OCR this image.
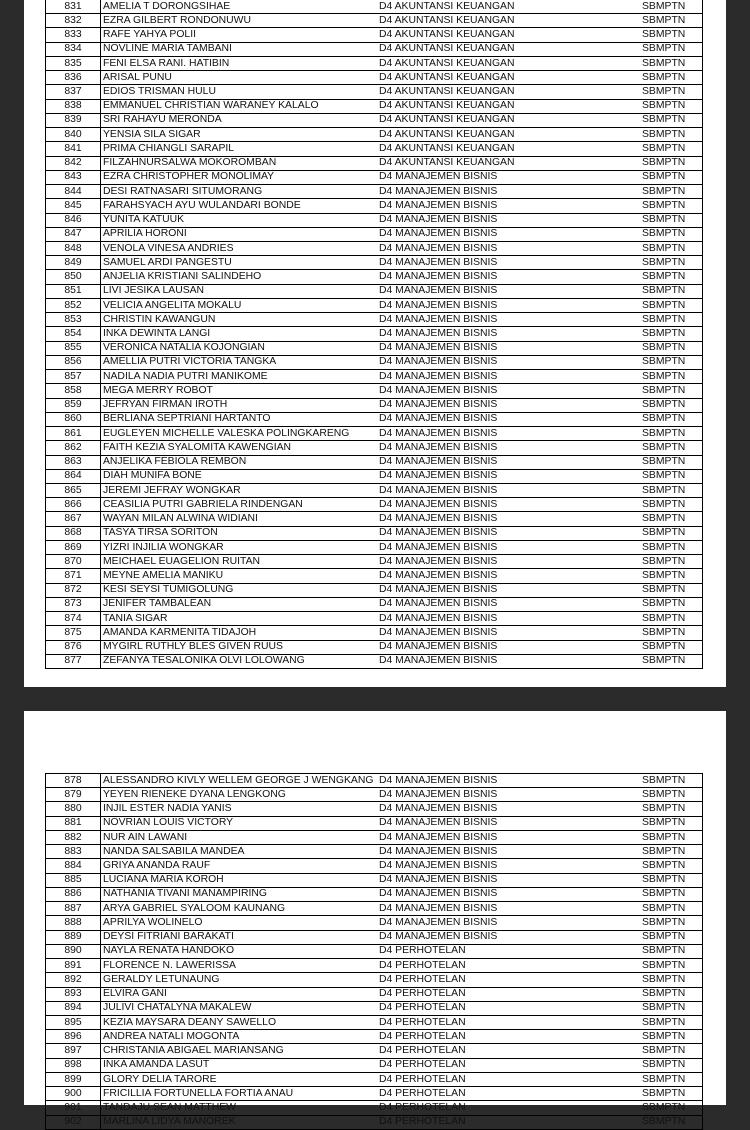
831	AMELIA T DORONGSIHAE	D4 AKUNTANSI KEUANGAN	SBMPTN
832	EZRA GILBERT RONDONUWU	D4 AKUNTANSI KEUANGAN	SBMPTN
833	RAFE YAHYA POLII	D4 AKUNTANSI KEUANGAN	SBMPTN
834	NOVLINE MARIA TAMBANI	D4 AKUNTANSI KEUANGAN	SBMPTN
835	FENI ELSA RANI. HATIBIN	D4 AKUNTANSI KEUANGAN	SBMPTN
836	ARISAL PUNU	D4 AKUNTANSI KEUANGAN	SBMPTN
837	EDIOS TRISMAN HULU	D4 AKUNTANSI KEUANGAN	SBMPTN
838	EMMANUEL CHRISTIAN WARANEY KALALO	D4 AKUNTANSI KEUANGAN	SBMPTN
839	SRI RAHAYU MERONDA	D4 AKUNTANSI KEUANGAN	SBMPTN
840	YENSIA SILA SIGAR	D4 AKUNTANSI KEUANGAN	SBMPTN
841	PRIMA CHIANGLI SARAPIL	D4 AKUNTANSI KEUANGAN	SBMPTN
842	FILZAHNURSALWA MOKOROMBAN	D4 AKUNTANSI KEUANGAN	SBMPTN
843	EZRA CHRISTOPHER MONOLIMAY	D4 MANAJEMEN BISNIS	SBMPTN
844	DESI RATNASARI SITUMORANG	D4 MANAJEMEN BISNIS	SBMPTN
845	FARAHSYACH AYU WULANDARI BONDE	D4 MANAJEMEN BISNIS	SBMPTN
846	YUNITA KATUUK	D4 MANAJEMEN BISNIS	SBMPTN
847	APRILIA HORONI	D4 MANAJEMEN BISNIS	SBMPTN
848	VENOLA VINESA ANDRIES	D4 MANAJEMEN BISNIS	SBMPTN
849	SAMUEL ARDI PANGESTU	D4 MANAJEMEN BISNIS	SBMPTN
850	ANJELIA KRISTIANI SALINDEHO	D4 MANAJEMEN BISNIS	SBMPTN
851	LIVI JESIKA LAUSAN	D4 MANAJEMEN BISNIS	SBMPTN
852	VELICIA ANGELITA MOKALU	D4 MANAJEMEN BISNIS	SBMPTN
853	CHRISTIN KAWANGUN	D4 MANAJEMEN BISNIS	SBMPTN
854	INKA DEWINTA LANGI	D4 MANAJEMEN BISNIS	SBMPTN
855	VERONICA NATALIA KOJONGIAN	D4 MANAJEMEN BISNIS	SBMPTN
856	AMELLIA PUTRI VICTORIA TANGKA	D4 MANAJEMEN BISNIS	SBMPTN
857	NADILA NADIA PUTRI MANIKOME	D4 MANAJEMEN BISNIS	SBMPTN
858	MEGA MERRY ROBOT	D4 MANAJEMEN BISNIS	SBMPTN
859	JEFRYAN FIRMAN IROTH	D4 MANAJEMEN BISNIS	SBMPTN
860	BERLIANA SEPTRIANI HARTANTO	D4 MANAJEMEN BISNIS	SBMPTN
861	EUGLEYEN MICHELLE VALESKA POLINGKARENG	D4 MANAJEMEN BISNIS	SBMPTN
862	FAITH KEZIA SYALOMITA KAWENGIAN	D4 MANAJEMEN BISNIS	SBMPTN
863	ANJELIKA FEBIOLA REMBON	D4 MANAJEMEN BISNIS	SBMPTN
864	DIAH MUNIFA BONE	D4 MANAJEMEN BISNIS	SBMPTN
865	JEREMI JEFRAY WONGKAR	D4 MANAJEMEN BISNIS	SBMPTN
866	CEASILIA PUTRI GABRIELA RINDENGAN	D4 MANAJEMEN BISNIS	SBMPTN
867	WAYAN MILAN ALWINA WIDIANI	D4 MANAJEMEN BISNIS	SBMPTN
868	TASYA TIRSA SORITON	D4 MANAJEMEN BISNIS	SBMPTN
869	YIZRI INJILIA WONGKAR	D4 MANAJEMEN BISNIS	SBMPTN
870	MEICHAEL EUAGELION RUITAN	D4 MANAJEMEN BISNIS	SBMPTN
871	MEYNE AMELIA MANIKU	D4 MANAJEMEN BISNIS	SBMPTN
872	KESI SEYSI TUMIGOLUNG	D4 MANAJEMEN BISNIS	SBMPTN
873	JENIFER TAMBALEAN	D4 MANAJEMEN BISNIS	SBMPTN
874	TANIA SIGAR	D4 MANAJEMEN BISNIS	SBMPTN
875	AMANDA KARMENITA TIDAJOH	D4 MANAJEMEN BISNIS	SBMPTN
876	MYGIRL RUTHLY BLES GIVEN RUUS	D4 MANAJEMEN BISNIS	SBMPTN
877	ZEFANYA TESALONIKA OLVI LOLOWANG	D4 MANAJEMEN BISNIS	SBMPTN
878	ALESSANDRO KIVLY WELLEM GEORGE J WENGKANG	D4 MANAJEMEN BISNIS	SBMPTN
879	YEYEN RIENEKE DYANA LENGKONG	D4 MANAJEMEN BISNIS	SBMPTN
880	INJIL ESTER NADIA YANIS	D4 MANAJEMEN BISNIS	SBMPTN
881	NOVRIAN LOUIS VICTORY	D4 MANAJEMEN BISNIS	SBMPTN
882	NUR AIN LAWANI	D4 MANAJEMEN BISNIS	SBMPTN
883	NANDA SALSABILA MANDEA	D4 MANAJEMEN BISNIS	SBMPTN
884	GRIYA ANANDA RAUF	D4 MANAJEMEN BISNIS	SBMPTN
885	LUCIANA MARIA KOROH	D4 MANAJEMEN BISNIS	SBMPTN
886	NATHANIA TIVANI MANAMPIRING	D4 MANAJEMEN BISNIS	SBMPTN
887	ARYA GABRIEL SYALOOM KAUNANG	D4 MANAJEMEN BISNIS	SBMPTN
888	APRILYA WOLINELO	D4 MANAJEMEN BISNIS	SBMPTN
889	DEYSI FITRIANI BARAKATI	D4 MANAJEMEN BISNIS	SBMPTN
890	NAYLA RENATA HANDOKO	D4 PERHOTELAN	SBMPTN
891	FLORENCE N. LAWERISSA	D4 PERHOTELAN	SBMPTN
892	GERALDY LETUNAUNG	D4 PERHOTELAN	SBMPTN
893	ELVIRA GANI	D4 PERHOTELAN	SBMPTN
894	JULIVI CHATALYNA MAKALEW	D4 PERHOTELAN	SBMPTN
895	KEZIA MAYSARA DEANY SAWELLO	D4 PERHOTELAN	SBMPTN
896	ANDREA NATALI MOGONTA	D4 PERHOTELAN	SBMPTN
897	CHRISTANIA ABIGAEL MARIANSANG	D4 PERHOTELAN	SBMPTN
898	INKA AMANDA LASUT	D4 PERHOTELAN	SBMPTN
899	GLORY DELIA TARORE	D4 PERHOTELAN	SBMPTN
900	FRICILLIA FORTUNELLA FORTIA ANAU	D4 PERHOTELAN	SBMPTN
901	TANDAJU SEAN MATTHEW	D4 PERHOTELAN	SBMPTN
902	MARLINA LIDYA MANOREK	D4 PERHOTELAN	SBMPTN
